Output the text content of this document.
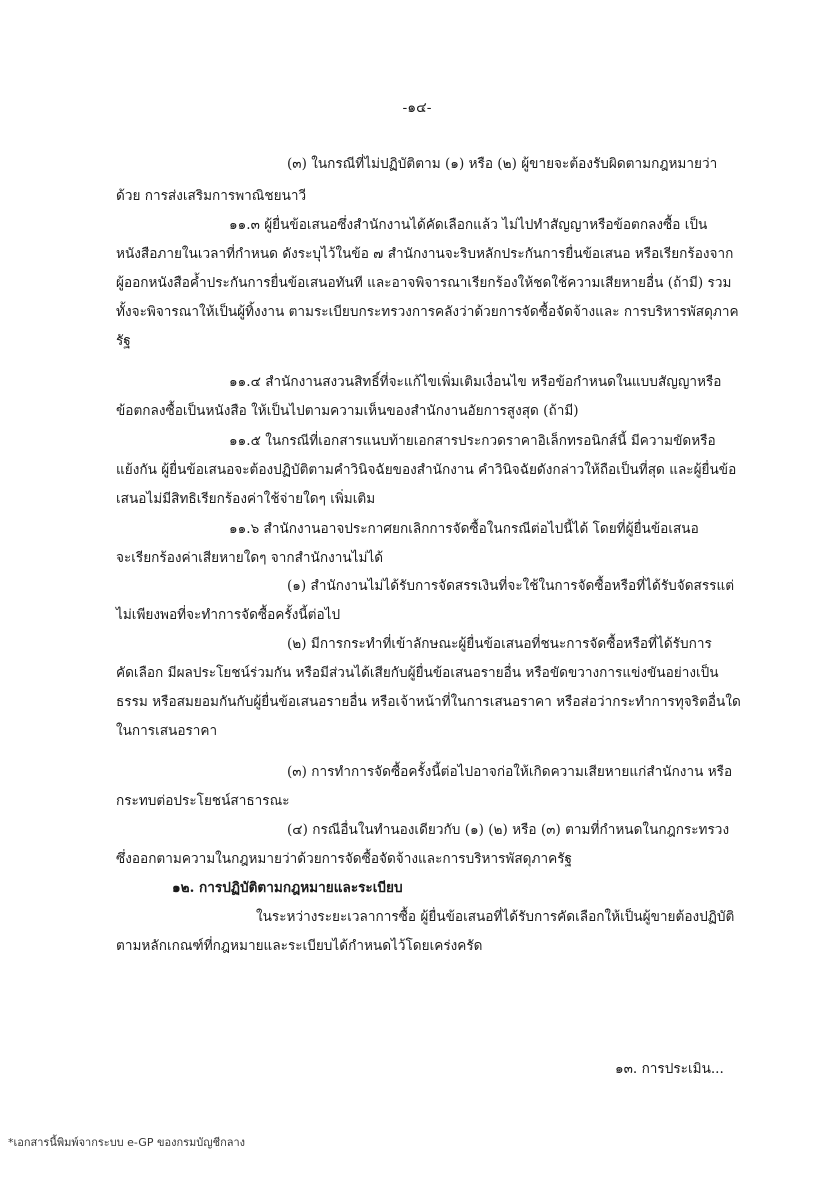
-๑๔-
(๓) ในกรณีที่ไม่ปฏิบัติตาม (๑) หรือ (๒) ผู้ขายจะต้องรับผิดตามกฎหมายว่า
ด้วย การส่งเสริมการพาณิชยนาวี
๑๑.๓ ผู้ยื่นข้อเสนอซึ่งสำนักงานได้คัดเลือกแล้ว ไม่ไปทำสัญญาหรือข้อตกลงซื้อ เป็น
หนังสือภายในเวลาที่กำหนด ดังระบุไว้ในข้อ ๗ สำนักงานจะริบหลักประกันการยื่นข้อเสนอ หรือเรียกร้องจาก
ผู้ออกหนังสือค้ำประกันการยื่นข้อเสนอทันที และอาจพิจารณาเรียกร้องให้ชดใช้ความเสียหายอื่น (ถ้ามี) รวม
ทั้งจะพิจารณาให้เป็นผู้ทิ้งงาน ตามระเบียบกระทรวงการคลังว่าด้วยการจัดซื้อจัดจ้างและ การบริหารพัสดุภาค
รัฐ
๑๑.๔ สำนักงานสงวนสิทธิ์ที่จะแก้ไขเพิ่มเติมเงื่อนไข หรือข้อกำหนดในแบบสัญญาหรือ
ข้อตกลงซื้อเป็นหนังสือ ให้เป็นไปตามความเห็นของสำนักงานอัยการสูงสุด (ถ้ามี)
๑๑.๕ ในกรณีที่เอกสารแนบท้ายเอกสารประกวดราคาอิเล็กทรอนิกส์นี้ มีความขัดหรือ
แย้งกัน ผู้ยื่นข้อเสนอจะต้องปฏิบัติตามคำวินิจฉัยของสำนักงาน คำวินิจฉัยดังกล่าวให้ถือเป็นที่สุด และผู้ยื่นข้อ
เสนอไม่มีสิทธิเรียกร้องค่าใช้จ่ายใดๆ เพิ่มเติม
๑๑.๖ สำนักงานอาจประกาศยกเลิกการจัดซื้อในกรณีต่อไปนี้ได้ โดยที่ผู้ยื่นข้อเสนอ
จะเรียกร้องค่าเสียหายใดๆ จากสำนักงานไม่ได้
(๑) สำนักงานไม่ได้รับการจัดสรรเงินที่จะใช้ในการจัดซื้อหรือที่ได้รับจัดสรรแต่
ไม่เพียงพอที่จะทำการจัดซื้อครั้งนี้ต่อไป
(๒) มีการกระทำที่เข้าลักษณะผู้ยื่นข้อเสนอที่ชนะการจัดซื้อหรือที่ได้รับการ
คัดเลือก มีผลประโยชน์ร่วมกัน หรือมีส่วนได้เสียกับผู้ยื่นข้อเสนอรายอื่น หรือขัดขวางการแข่งขันอย่างเป็น
ธรรม หรือสมยอมกันกับผู้ยื่นข้อเสนอรายอื่น หรือเจ้าหน้าที่ในการเสนอราคา หรือส่อว่ากระทำการทุจริตอื่นใด
ในการเสนอราคา
(๓) การทำการจัดซื้อครั้งนี้ต่อไปอาจก่อให้เกิดความเสียหายแก่สำนักงาน หรือ
กระทบต่อประโยชน์สาธารณะ
(๔) กรณีอื่นในทำนองเดียวกับ (๑) (๒) หรือ (๓) ตามที่กำหนดในกฎกระทรวง
ซึ่งออกตามความในกฎหมายว่าด้วยการจัดซื้อจัดจ้างและการบริหารพัสดุภาครัฐ
๑๒. การปฏิบัติตามกฎหมายและระเบียบ
ในระหว่างระยะเวลาการซื้อ ผู้ยื่นข้อเสนอที่ได้รับการคัดเลือกให้เป็นผู้ขายต้องปฏิบัติ
ตามหลักเกณฑ์ที่กฎหมายและระเบียบได้กำหนดไว้โดยเคร่งครัด
๑๓. การประเมิน...
*เอกสารนี้พิมพ์จากระบบ e-GP ของกรมบัญชีกลาง
